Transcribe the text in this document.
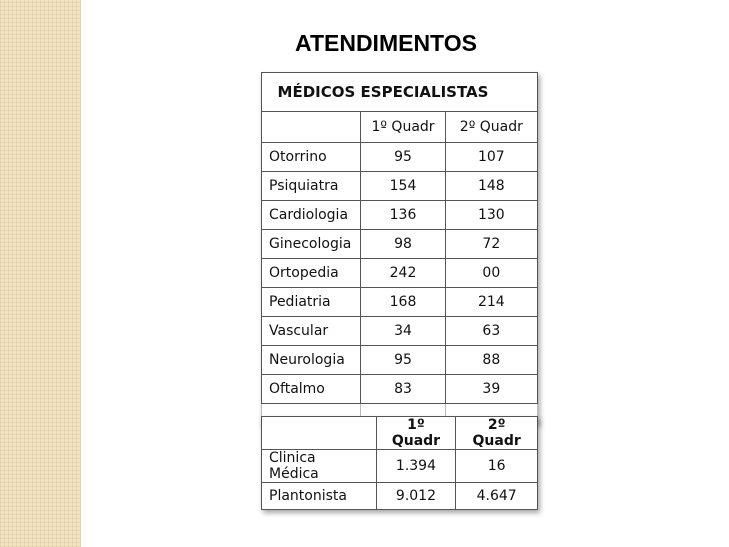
ATENDIMENTOS
MÉDICOS ESPECIALISTAS		
	1º Quadr	2º Quadr
Otorrino	95	107
Psiquiatra	154	148
Cardiologia	136	130
Ginecologia	98	72
Ortopedia	242	00
Pediatria	168	214
Vascular	34	63
Neurologia	95	88
Oftalmo	83	39

	1º Quadr	2º Quadr
Clinica Médica	1.394	16
Plantonista	9.012	4.647
